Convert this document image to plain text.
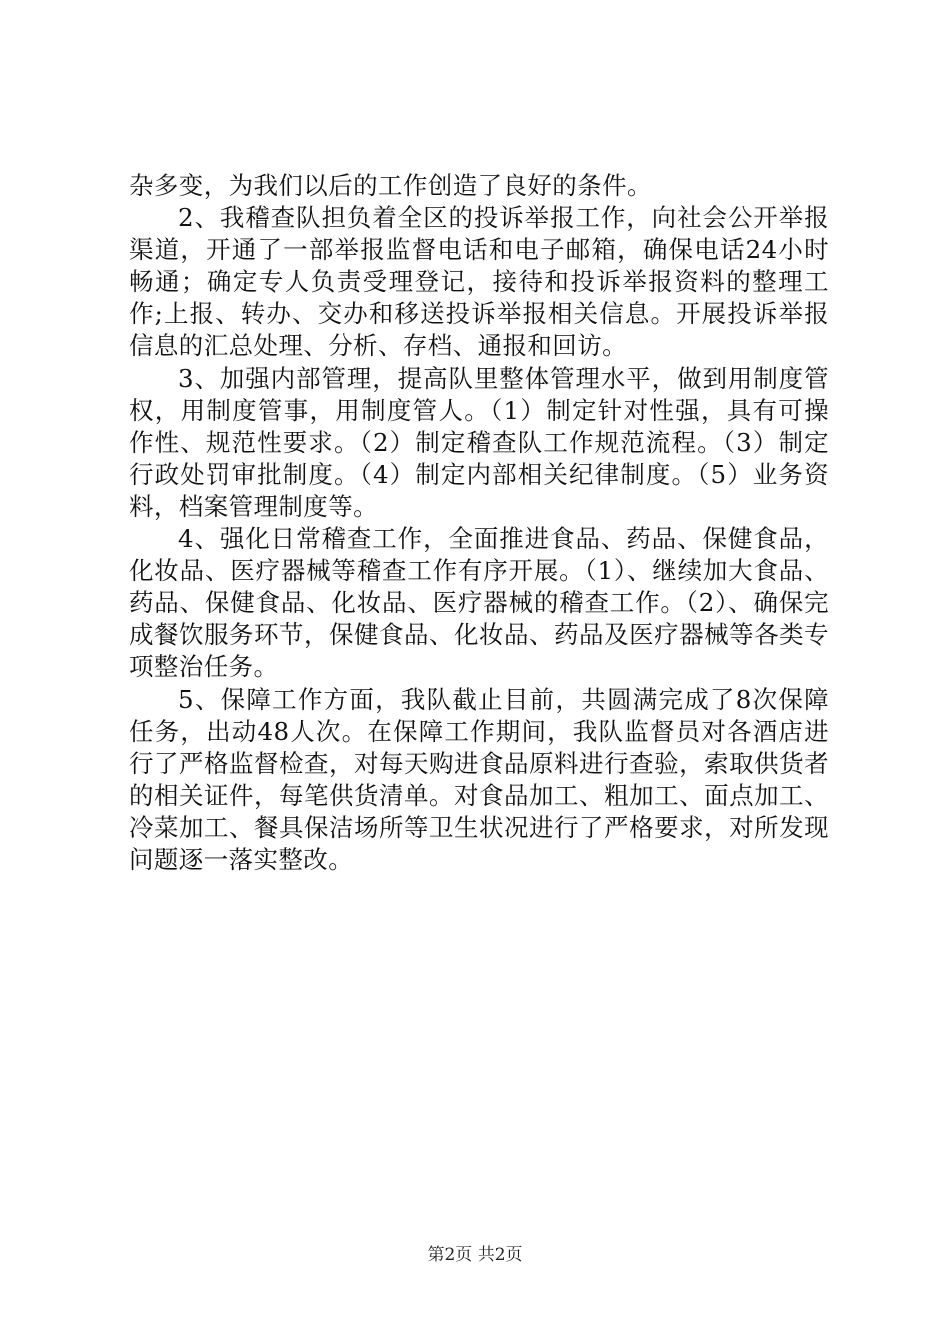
杂多变，为我们以后的工作创造了良好的条件。

2、我稽查队担负着全区的投诉举报工作，向社会公开举报渠道，开通了一部举报监督电话和电子邮箱，确保电话24小时畅通；确定专人负责受理登记，接待和投诉举报资料的整理工作;上报、转办、交办和移送投诉举报相关信息。开展投诉举报信息的汇总处理、分析、存档、通报和回访。

3、加强内部管理，提高队里整体管理水平，做到用制度管权，用制度管事，用制度管人。（1）制定针对性强，具有可操作性、规范性要求。（2）制定稽查队工作规范流程。（3）制定行政处罚审批制度。（4）制定内部相关纪律制度。（5）业务资料，档案管理制度等。

4、强化日常稽查工作，全面推进食品、药品、保健食品，化妆品、医疗器械等稽查工作有序开展。（1）、继续加大食品、药品、保健食品、化妆品、医疗器械的稽查工作。（2）、确保完成餐饮服务环节，保健食品、化妆品、药品及医疗器械等各类专项整治任务。

5、保障工作方面，我队截止目前，共圆满完成了8次保障任务，出动48人次。在保障工作期间，我队监督员对各酒店进行了严格监督检查，对每天购进食品原料进行查验，索取供货者的相关证件，每笔供货清单。对食品加工、粗加工、面点加工、冷菜加工、餐具保洁场所等卫生状况进行了严格要求，对所发现问题逐一落实整改。

第2页 共2页
